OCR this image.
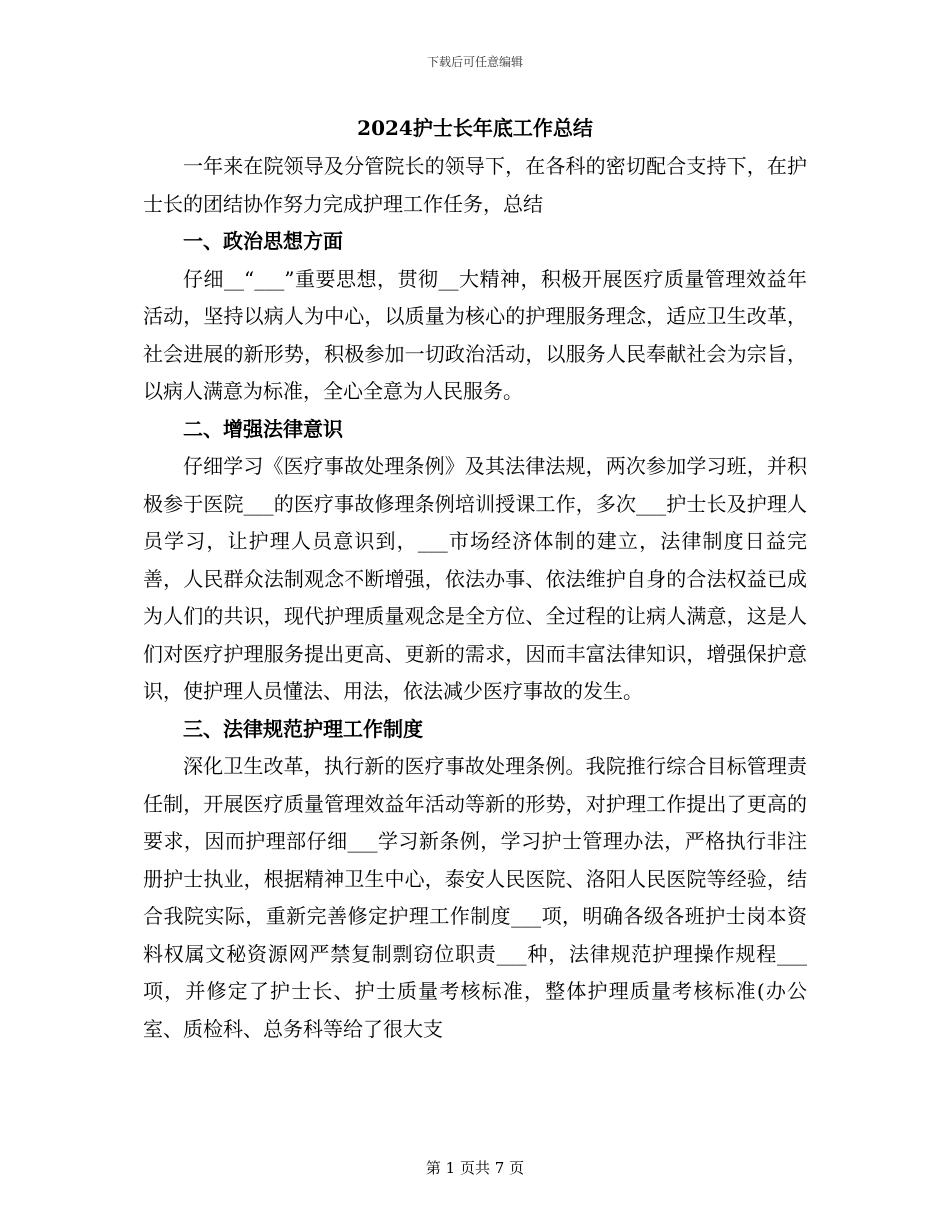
下载后可任意编辑
2024护士长年底工作总结

一年来在院领导及分管院长的领导下，在各科的密切配合支持下，在护士长的团结协作努力完成护理工作任务，总结

一、政治思想方面

仔细__“___”重要思想，贯彻__大精神，积极开展医疗质量管理效益年活动，坚持以病人为中心，以质量为核心的护理服务理念，适应卫生改革，社会进展的新形势，积极参加一切政治活动，以服务人民奉献社会为宗旨，以病人满意为标准，全心全意为人民服务。

二、增强法律意识

仔细学习《医疗事故处理条例》及其法律法规，两次参加学习班，并积极参于医院___的医疗事故修理条例培训授课工作，多次___护士长及护理人员学习，让护理人员意识到，___市场经济体制的建立，法律制度日益完善，人民群众法制观念不断增强，依法办事、依法维护自身的合法权益已成为人们的共识，现代护理质量观念是全方位、全过程的让病人满意，这是人们对医疗护理服务提出更高、更新的需求，因而丰富法律知识，增强保护意识，使护理人员懂法、用法，依法减少医疗事故的发生。

三、法律规范护理工作制度

深化卫生改革，执行新的医疗事故处理条例。我院推行综合目标管理责任制，开展医疗质量管理效益年活动等新的形势，对护理工作提出了更高的要求，因而护理部仔细___学习新条例，学习护士管理办法，严格执行非注册护士执业，根据精神卫生中心，泰安人民医院、洛阳人民医院等经验，结合我院实际，重新完善修定护理工作制度___项，明确各级各班护士岗本资料权属文秘资源网严禁复制剽窃位职责___种，法律规范护理操作规程___项，并修定了护士长、护士质量考核标准，整体护理质量考核标准(办公室、质检科、总务科等给了很大支

第 1 页共 7 页
